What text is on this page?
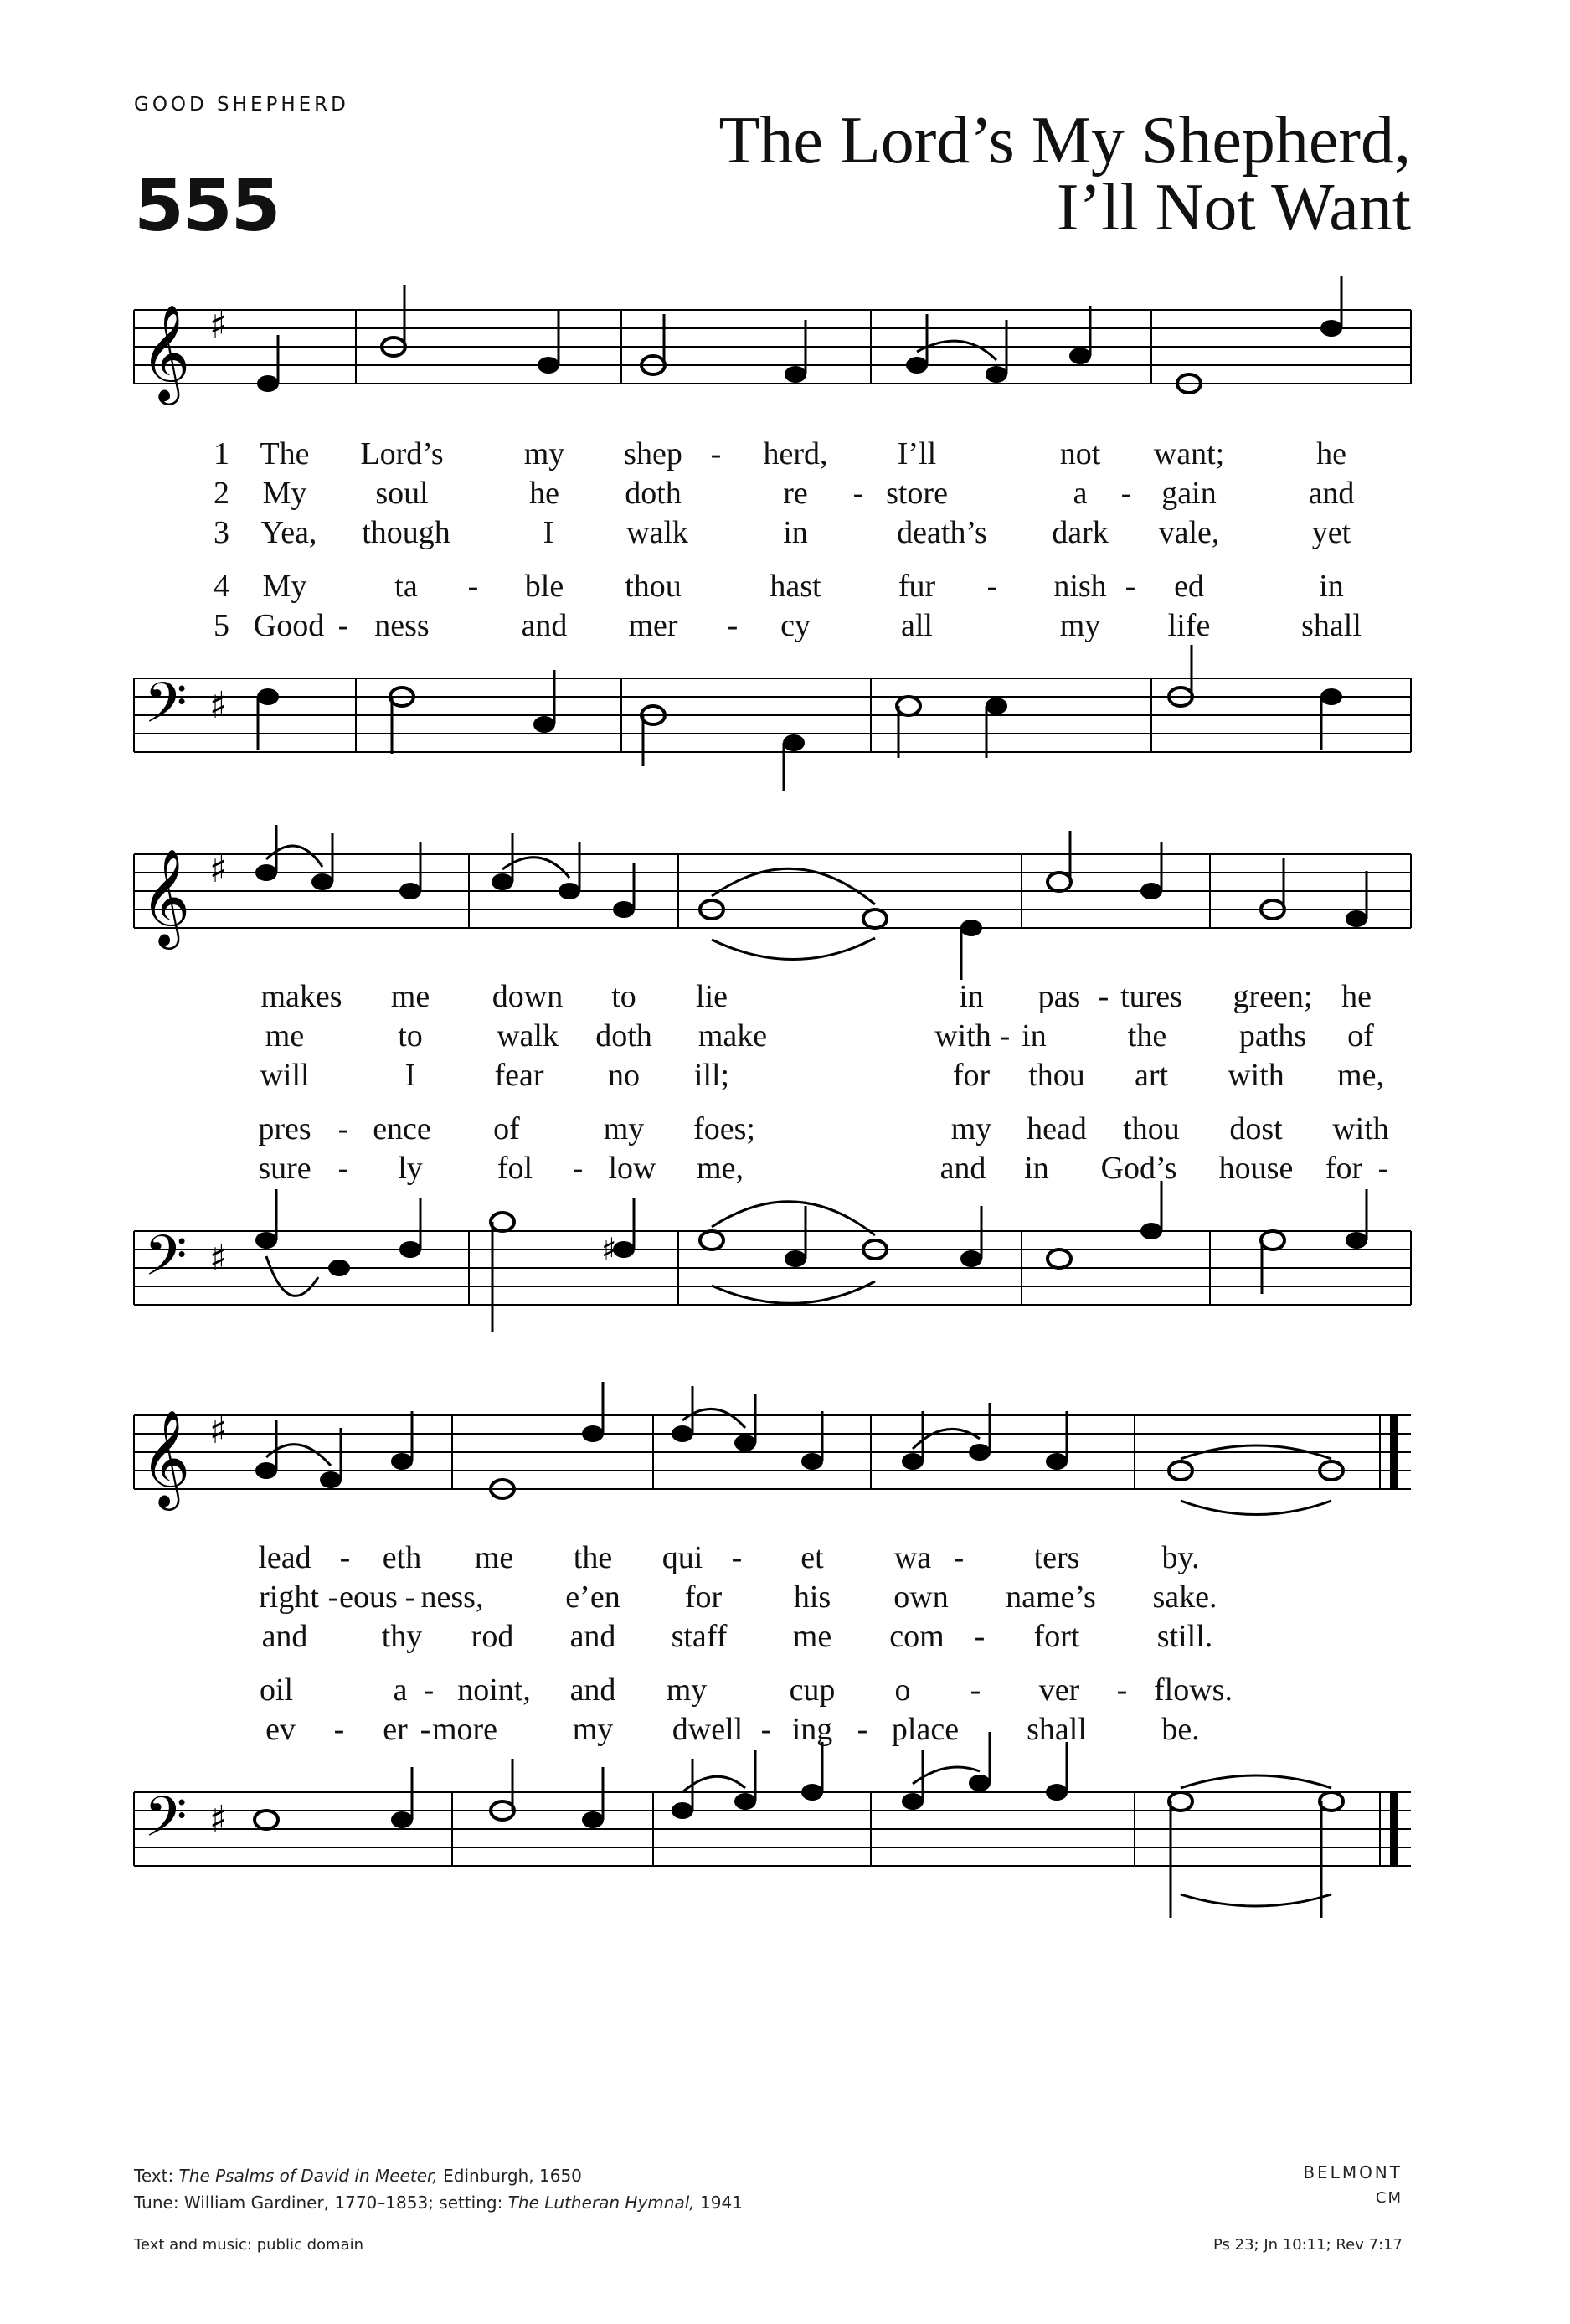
GOOD SHEPHERD
555
The Lord’s My Shepherd,
I’ll Not Want
𝄞 ♯
𝄢 ♯
1 The Lord’s	my shep - herd, I’ll	not want;	he
2 My soul	he doth	re - store	a - gain	and
3 Yea, though	I walk	in	death’s dark vale,	yet
4 My	ta - ble thou	hast fur - nish - ed	in
5 Good - ness	and mer - cy	all	my life	shall
𝄞 ♯
𝄢 ♯	♯
makes me down to lie	in pas - tures green; he
me	to walk doth make	with - in	the paths of
will	I fear no ill;	for thou art with me,
pres - ence of	my foes;	my head thou dost with
sure - ly fol - low me,	and in God’s house for -
𝄞 ♯
𝄢 ♯
lead - eth me the qui - et wa - ters	by.
right - eous - ness,	e’en for his own name’s sake.
and thy rod and staff me com - fort still.
oil	a - noint, and my	cup o - ver - flows.
ev - er - more my dwell - ing - place shall be.
Text: The Psalms of David in Meeter, Edinburgh, 1650
Tune: William Gardiner, 1770–1853; setting: The Lutheran Hymnal, 1941
Text and music: public domain
BELMONT
CM
Ps 23; Jn 10:11; Rev 7:17
